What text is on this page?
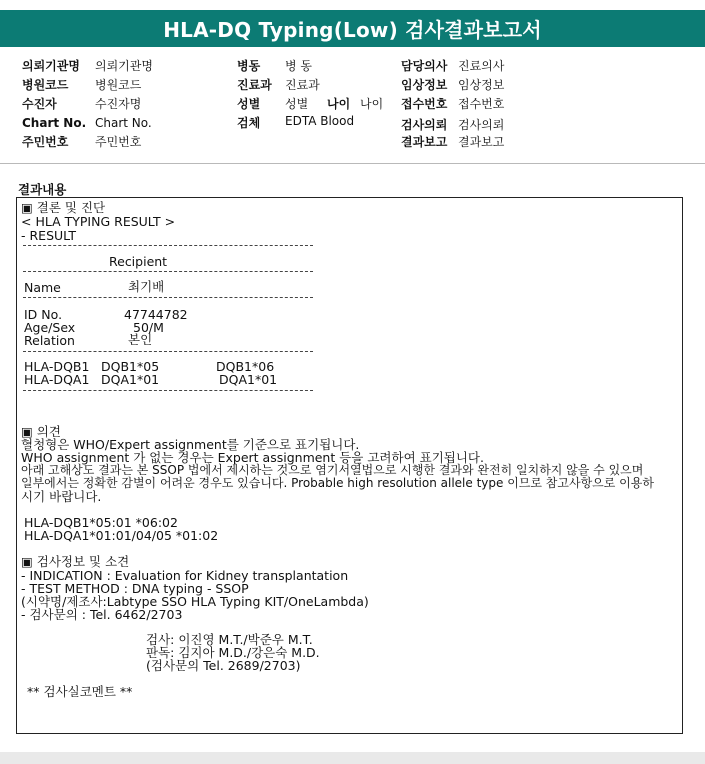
HLA-DQ Typing(Low) 검사결과보고서
의뢰기관명 의뢰기관명
병원코드 병원코드
수진자	수진자명
Chart No. Chart No.
주민번호 주민번호
병동 병 동
진료과 진료과
성별 성별 나이 나이
검체 EDTA Blood
담당의사 진료의사
임상정보 임상정보
접수번호 접수번호
검사의뢰 검사의뢰
결과보고 결과보고
결과내용
▣ 결론 및 진단
< HLA TYPING RESULT >
- RESULT
Recipient
Name	최기배
ID No.	47744782
Age/Sex	50/M
Relation	본인
HLA-DQB1 DQB1*05	DQB1*06
HLA-DQA1 DQA1*01	DQA1*01
▣ 의견
혈청형은 WHO/Expert assignment를 기준으로 표기됩니다.
WHO assignment 가 없는 경우는 Expert assignment 등을 고려하여 표기됩니다.
아래 고해상도 결과는 본 SSOP 법에서 제시하는 것으로 염기서열법으로 시행한 결과와 완전히 일치하지 않을 수 있으며
일부에서는 정확한 감별이 어려운 경우도 있습니다. Probable high resolution allele type 이므로 참고사항으로 이용하
시기 바랍니다.
HLA-DQB1*05:01 *06:02
HLA-DQA1*01:01/04/05 *01:02
▣ 검사정보 및 소견
- INDICATION : Evaluation for Kidney transplantation
- TEST METHOD : DNA typing - SSOP
(시약명/제조사:Labtype SSO HLA Typing KIT/OneLambda)
- 검사문의 : Tel. 6462/2703
검사: 이진영 M.T./박준우 M.T.
판독: 김지아 M.D./강은숙 M.D.
(검사문의 Tel. 2689/2703)
** 검사실코멘트 **
